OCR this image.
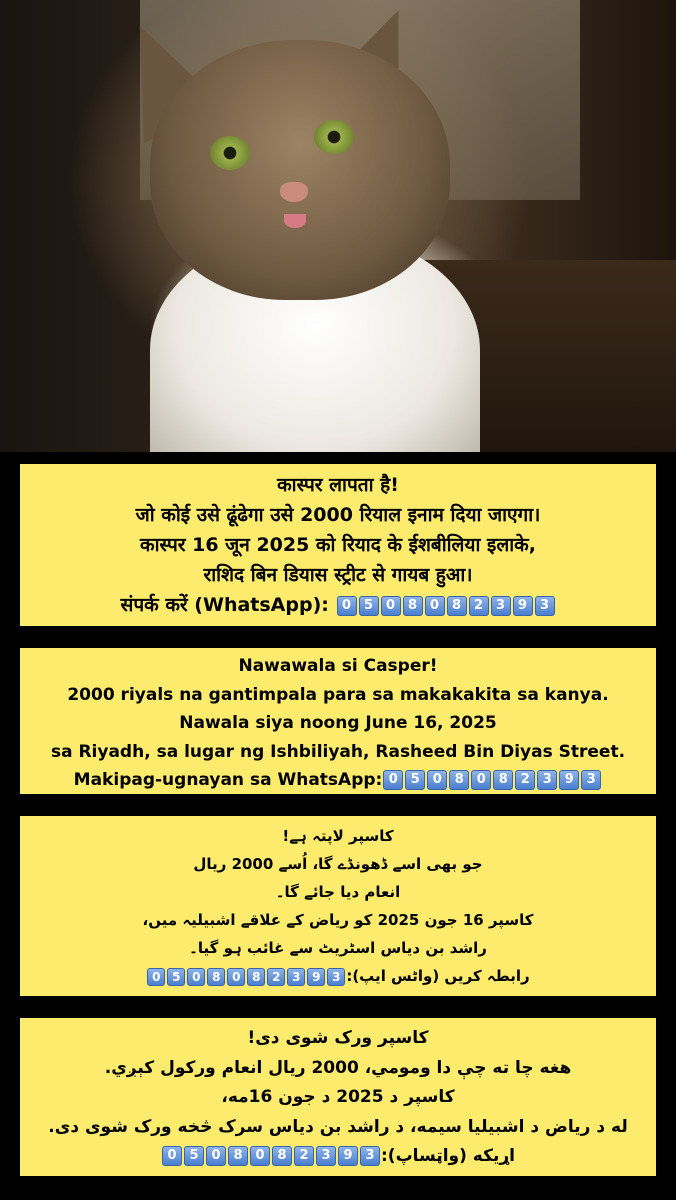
कास्पर लापता है!
जो कोई उसे ढूंढेगा उसे 2000 रियाल इनाम दिया जाएगा।
कास्पर 16 जून 2025 को रियाद के ईशबीलिया इलाके,
राशिद बिन डियास स्ट्रीट से गायब हुआ।
संपर्क करें (WhatsApp): 0 5 0 8 0 8 2 3 9 3
Nawawala si Casper!
2000 riyals na gantimpala para sa makakakita sa kanya.
Nawala siya noong June 16, 2025
sa Riyadh, sa lugar ng Ishbiliyah, Rasheed Bin Diyas Street.
Makipag-ugnayan sa WhatsApp: 0 5 0 8 0 8 2 3 9 3
کاسپر لاپتہ ہے!
جو بھی اسے ڈھونڈے گا، اُسے 2000 ریال
انعام دیا جائے گا۔
کاسپر 16 جون 2025 کو ریاض کے علاقے اشبیلیہ میں،
راشد بن دیاس اسٹریٹ سے غائب ہو گیا۔
رابطہ کریں (واٹس ایپ):0 5 0 8 0 8 2 3 9 3
کاسپر ورک شوی دی!
هغه چا ته چې دا ومومي، 2000 ریال انعام ورکول کېږي.
کاسپر د 2025 د جون 16مه،
له د ریاض د اشبیلیا سیمه، د راشد بن دیاس سرک څخه ورک شوی دی.
اړیکه (واټساپ):0 5 0 8 0 8 2 3 9 3
